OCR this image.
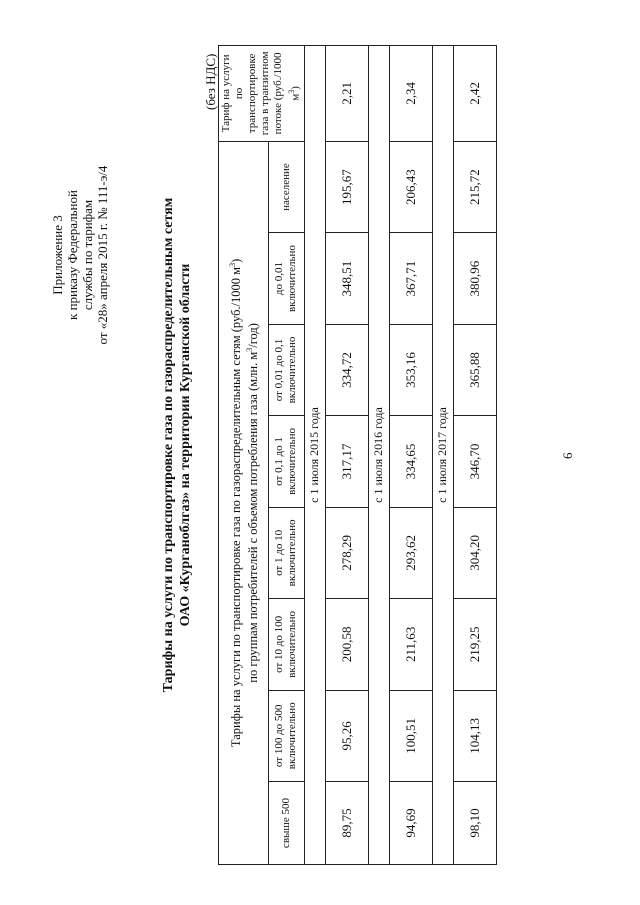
Приложение 3 к приказу Федеральной службы по тарифам от «28» апреля 2015 г. № 111-э/4	Тарифы на услуги по транспортировке газа по газораспределительным сетям ОАО «Курганоблгаз» на территории Курганской области
(без НДС)
Тарифы на услуги по транспортировке газа по газораспределительным сетям (руб./1000 $м^3$)
по группам потребителей с объемом потребления газа (млн. $м^3/год$)								Тариф на услуги по транспортировке газа в транзитном потоке (руб./1000 $м^3$)
свыше 500	от 100 до 500 включительно	от 10 до 100 включительно	от 1 до 10 включительно	от 0,1 до 1 включительно	от 0,01 до 0,1 включительно	до 0,01 включительно	население	
с 1 июля 2015 года								
89,75	95,26	200,58	278,29	317,17	334,72	348,51	195,67	2,21
с 1 июля 2016 года								
94,69	100,51	211,63	293,62	334,65	353,16	367,71	206,43	2,34
с 1 июля 2017 года								
98,10	104,13	219,25	304,20	346,70	365,88	380,96	215,72	2,42
6
